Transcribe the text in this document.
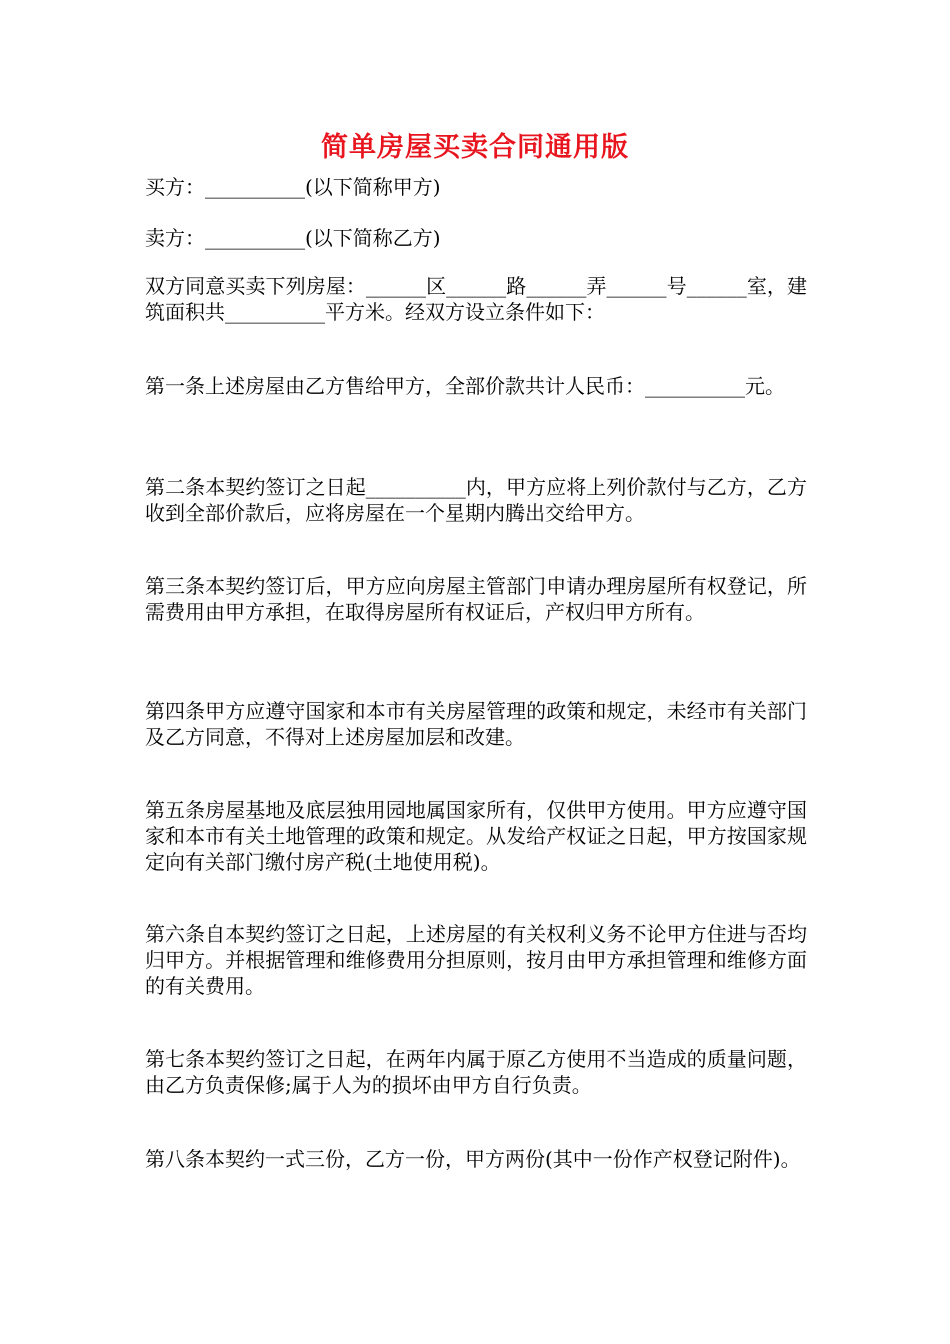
简单房屋买卖合同通用版
买方：__________(以下简称甲方)
卖方：__________(以下简称乙方)
双方同意买卖下列房屋：______区______路______弄______号______室，建筑面积共__________平方米。经双方设立条件如下：
第一条上述房屋由乙方售给甲方，全部价款共计人民币：__________元。
第二条本契约签订之日起__________内，甲方应将上列价款付与乙方，乙方收到全部价款后，应将房屋在一个星期内腾出交给甲方。
第三条本契约签订后，甲方应向房屋主管部门申请办理房屋所有权登记，所需费用由甲方承担，在取得房屋所有权证后，产权归甲方所有。
第四条甲方应遵守国家和本市有关房屋管理的政策和规定，未经市有关部门及乙方同意，不得对上述房屋加层和改建。
第五条房屋基地及底层独用园地属国家所有，仅供甲方使用。甲方应遵守国家和本市有关土地管理的政策和规定。从发给产权证之日起，甲方按国家规定向有关部门缴付房产税(土地使用税)。
第六条自本契约签订之日起，上述房屋的有关权利义务不论甲方住进与否均归甲方。并根据管理和维修费用分担原则，按月由甲方承担管理和维修方面的有关费用。
第七条本契约签订之日起，在两年内属于原乙方使用不当造成的质量问题，由乙方负责保修;属于人为的损坏由甲方自行负责。
第八条本契约一式三份，乙方一份，甲方两份(其中一份作产权登记附件)。
